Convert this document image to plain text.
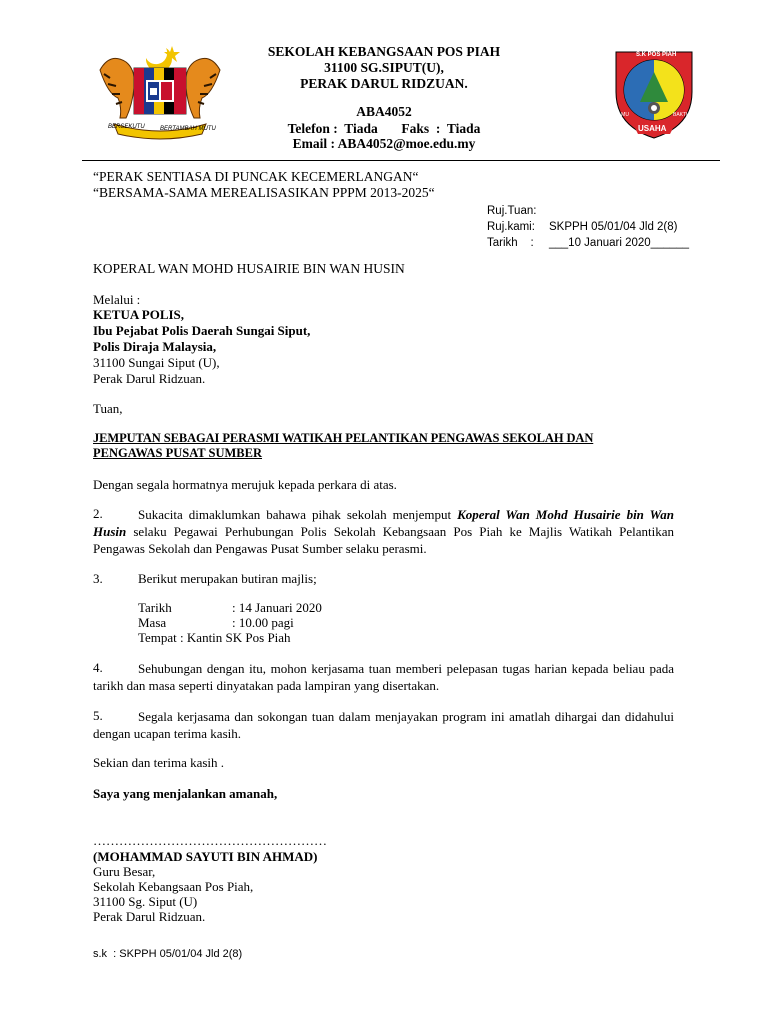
BERSEKUTU	BERTAMBAH MUTU
SEKOLAH KEBANGSAAN POS PIAH
31100 SG.SIPUT(U),
PERAK DARUL RIDZUAN.
ABA4052
Telefon :  Tiada       Faks  :  Tiada
Email : ABA4052@moe.edu.my
S.K POS PIAH
USAHA
ILMU	BAKTI
“PERAK SENTIASA DI PUNCAK KECEMERLANGAN“
“BERSAMA-SAMA MEREALISASIKAN PPPM 2013-2025“
Ruj.Tuan:
Ruj.kami: SKPPH 05/01/04 Jld 2(8)
Tarikh    : ___10 Januari 2020______
KOPERAL WAN MOHD HUSAIRIE BIN WAN HUSIN
Melalui :
KETUA POLIS,
Ibu Pejabat Polis Daerah Sungai Siput,
Polis Diraja Malaysia,
31100 Sungai Siput (U),
Perak Darul Ridzuan.
Tuan,
JEMPUTAN SEBAGAI PERASMI WATIKAH PELANTIKAN PENGAWAS SEKOLAH DAN
PENGAWAS PUSAT SUMBER
Dengan segala hormatnya merujuk kepada perkara di atas.
2.	Sukacita dimaklumkan bahawa pihak sekolah menjemput Koperal Wan Mohd Husairie bin Wan Husin selaku Pegawai Perhubungan Polis Sekolah Kebangsaan Pos Piah ke Majlis Watikah Pelantikan Pengawas Sekolah dan Pengawas Pusat Sumber selaku perasmi.
3.	Berikut merupakan butiran majlis;
Tarikh	: 14 Januari 2020
Masa	: 10.00 pagi
Tempat : Kantin SK Pos Piah
4.	Sehubungan dengan itu, mohon kerjasama tuan memberi pelepasan tugas harian kepada beliau pada tarikh dan masa seperti dinyatakan pada lampiran yang disertakan.
5.	Segala kerjasama dan sokongan tuan dalam menjayakan program ini amatlah dihargai dan didahului dengan ucapan terima kasih.
Sekian dan terima kasih .
Saya yang menjalankan amanah,
………………………………………………
(MOHAMMAD SAYUTI BIN AHMAD)
Guru Besar,
Sekolah Kebangsaan Pos Piah,
31100 Sg. Siput (U)
Perak Darul Ridzuan.
s.k  : SKPPH 05/01/04 Jld 2(8)
